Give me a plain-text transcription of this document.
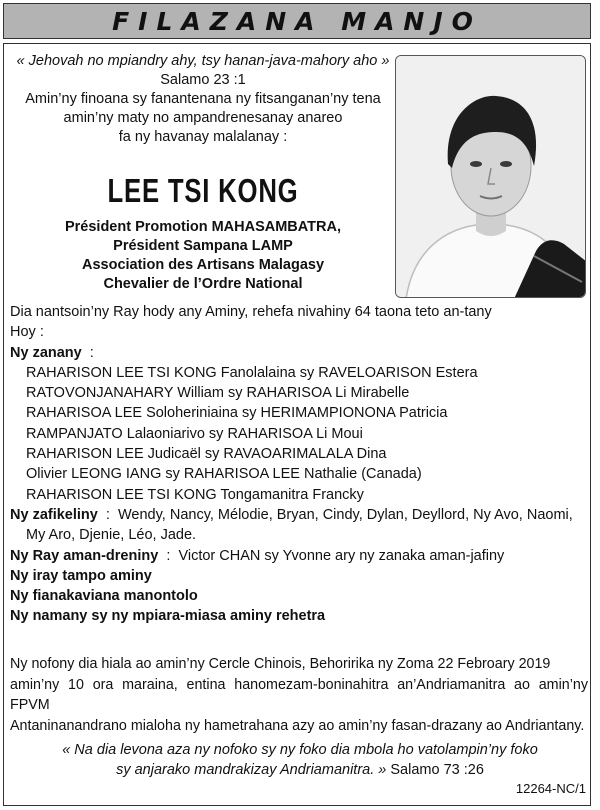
FILAZANA MANJO
« Jehovah no mpiandry ahy, tsy hanan-java-mahory aho »
Salamo 23 :1
Amin’ny finoana sy fanantenana ny fitsanganan’ny tena
amin’ny maty no ampandrenesanay anareo
fa ny havanay malalanay :
LEE TSI KONG
Président Promotion MAHASAMBATRA,
Président Sampana LAMP
Association des Artisans Malagasy
Chevalier de l’Ordre National

Dia nantsoin’ny Ray hody any Aminy, rehefa nivahiny 64 taona teto an-tany

Hoy :

Ny zanany  :

RAHARISON LEE TSI KONG Fanolalaina sy RAVELOARISON Estera

RATOVONJANAHARY William sy RAHARISOA Li Mirabelle

RAHARISOA LEE Soloheriniaina sy HERIMAMPIONONA Patricia

RAMPANJATO Lalaoniarivo sy RAHARISOA Li Moui

RAHARISON LEE Judicaël sy RAVAOARIMALALA Dina

Olivier LEONG IANG sy RAHARISOA LEE Nathalie (Canada)

RAHARISON LEE TSI KONG Tongamanitra Francky

Ny zafikeliny  :  Wendy, Nancy, Mélodie, Bryan, Cindy, Dylan, Deyllord, Ny Avo, Naomi,

My Aro, Djenie, Léo, Jade.

Ny Ray aman-dreniny  :  Victor CHAN sy Yvonne ary ny zanaka aman-jafiny

Ny iray tampo aminy

Ny fianakaviana manontolo

Ny namany sy ny mpiara-miasa aminy rehetra

Ny nofony dia hiala ao amin’ny Cercle Chinois, Behoririka ny Zoma 22 Febroary 2019
amin’ny 10 ora maraina, entina hanomezam-boninahitra an’Andriamanitra ao amin’ny FPVM
Antaninanandrano mialoha ny hametrahana azy ao amin’ny fasan-drazany ao Andriantany.
« Na dia levona aza ny nofoko sy ny foko dia mbola ho vatolampin’ny foko
sy anjarako mandrakizay Andriamanitra. » Salamo 73 :26
12264-NC/1
